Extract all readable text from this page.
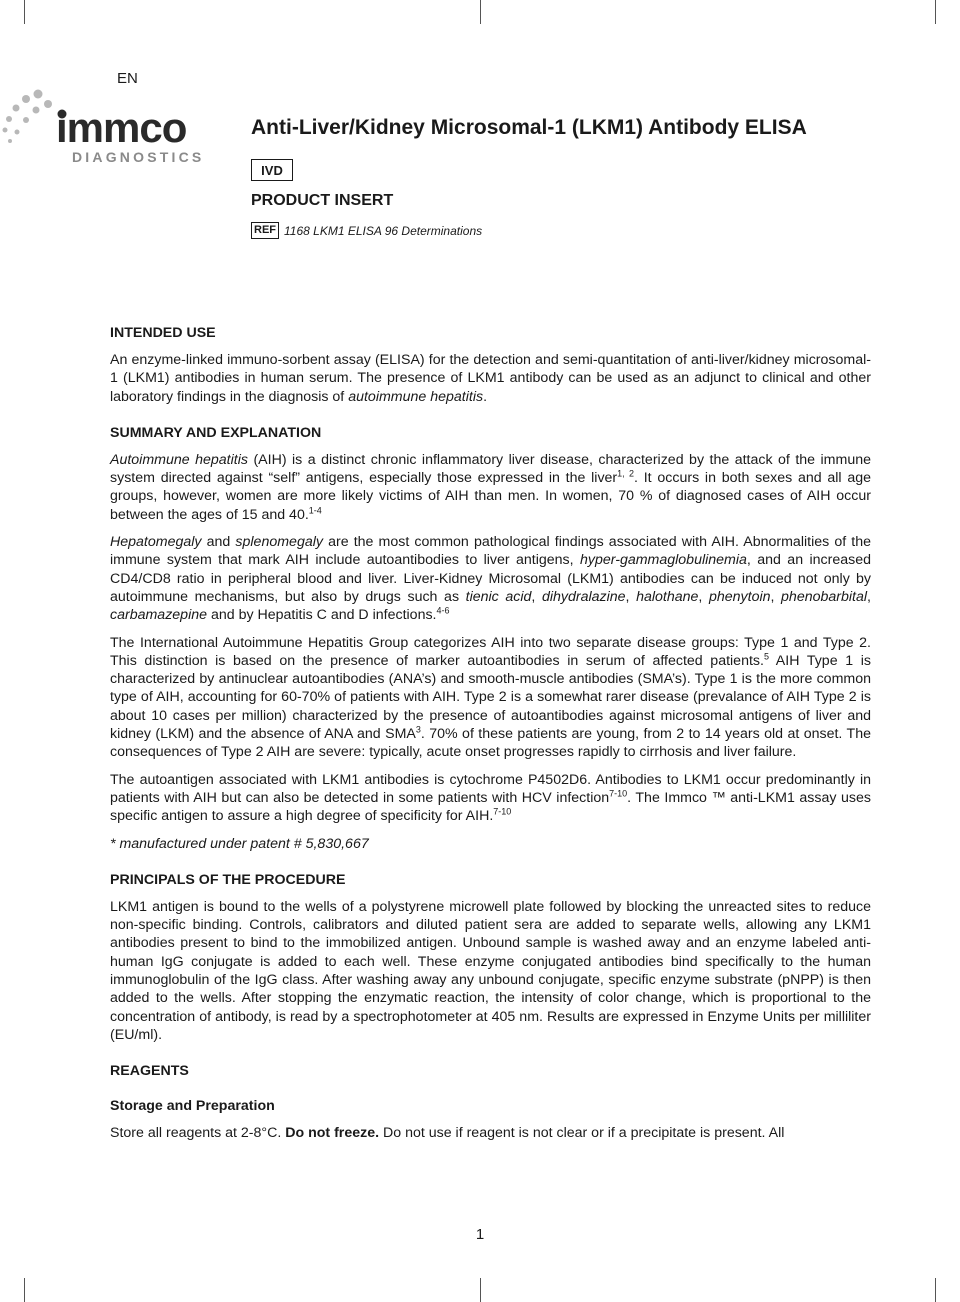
EN
immco
DIAGNOSTICS
Anti-Liver/Kidney Microsomal-1 (LKM1) Antibody ELISA
IVD
PRODUCT INSERT
REF 1168 LKM1 ELISA 96 Determinations
INTENDED USE

An enzyme-linked immuno-sorbent assay (ELISA) for the detection and semi-quantitation of anti-liver/kidney microsomal-1 (LKM1) antibodies in human serum. The presence of LKM1 antibody can be used as an adjunct to clinical and other laboratory findings in the diagnosis of autoimmune hepatitis.

SUMMARY AND EXPLANATION

Autoimmune hepatitis (AIH) is a distinct chronic inflammatory liver disease, characterized by the attack of the immune system directed against “self” antigens, especially those expressed in the liver$^{1, 2}$. It occurs in both sexes and all age groups, however, women are more likely victims of AIH than men. In women, 70 % of diagnosed cases of AIH occur between the ages of 15 and 40.$^{1-4}$

Hepatomegaly and splenomegaly are the most common pathological findings associated with AIH. Abnormalities of the immune system that mark AIH include autoantibodies to liver antigens, hyper-gammaglobulinemia, and an increased CD4/CD8 ratio in peripheral blood and liver. Liver-Kidney Microsomal (LKM1) antibodies can be induced not only by autoimmune mechanisms, but also by drugs such as tienic acid, dihydralazine, halothane, phenytoin, phenobarbital, carbamazepine and by Hepatitis C and D infections.$^{4-6}$

The International Autoimmune Hepatitis Group categorizes AIH into two separate disease groups: Type 1 and Type 2. This distinction is based on the presence of marker autoantibodies in serum of affected patients.$^5$ AIH Type 1 is characterized by antinuclear autoantibodies (ANA’s) and smooth-muscle antibodies (SMA’s). Type 1 is the more common type of AIH, accounting for 60-70% of patients with AIH. Type 2 is a somewhat rarer disease (prevalance of AIH Type 2 is about 10 cases per million) characterized by the presence of autoantibodies against microsomal antigens of liver and kidney (LKM) and the absence of ANA and SMA$^3$. 70% of these patients are young, from 2 to 14 years old at onset. The consequences of Type 2 AIH are severe: typically, acute onset progresses rapidly to cirrhosis and liver failure.

The autoantigen associated with LKM1 antibodies is cytochrome P4502D6. Antibodies to LKM1 occur predominantly in patients with AIH but can also be detected in some patients with HCV infection$^{7-10}$. The Immco ™ anti-LKM1 assay uses specific antigen to assure a high degree of specificity for AIH.$^{7-10}$

* manufactured under patent # 5,830,667

PRINCIPALS OF THE PROCEDURE

LKM1 antigen is bound to the wells of a polystyrene microwell plate followed by blocking the unreacted sites to reduce non-specific binding. Controls, calibrators and diluted patient sera are added to separate wells, allowing any LKM1 antibodies present to bind to the immobilized antigen. Unbound sample is washed away and an enzyme labeled anti-human IgG conjugate is added to each well. These enzyme conjugated antibodies bind specifically to the human immunoglobulin of the IgG class. After washing away any unbound conjugate, specific enzyme substrate (pNPP) is then added to the wells. After stopping the enzymatic reaction, the intensity of color change, which is proportional to the concentration of antibody, is read by a spectrophotometer at 405 nm. Results are expressed in Enzyme Units per milliliter (EU/ml).

REAGENTS
Storage and Preparation

Store all reagents at 2-8°C. Do not freeze. Do not use if reagent is not clear or if a precipitate is present. All

1
